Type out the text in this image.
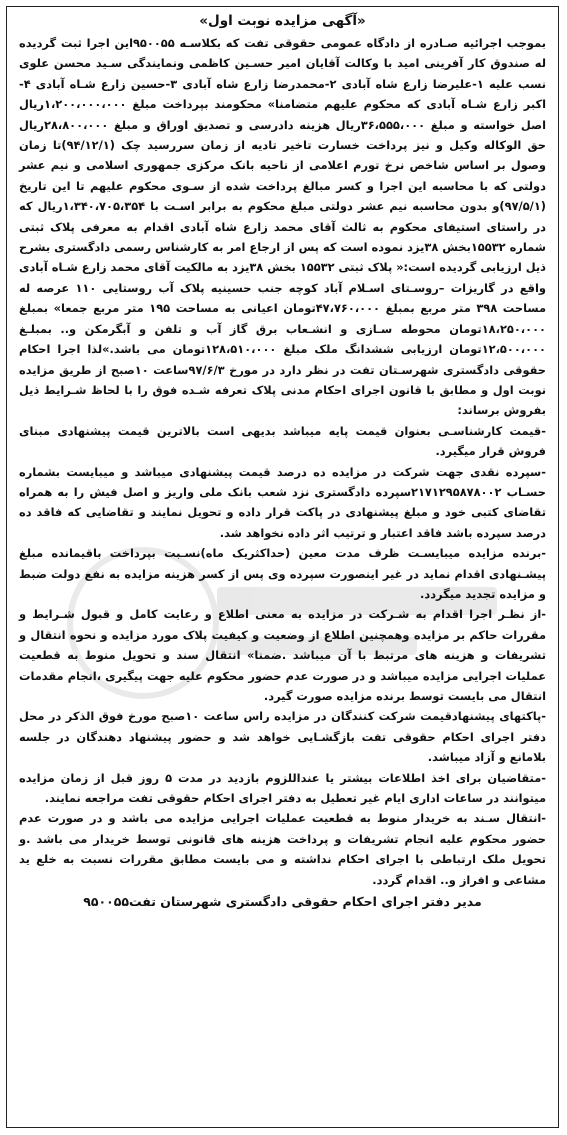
«آگهی مزایده نوبت اول»

بموجب اجرائیه صـادره از دادگاه عمومی حقوقی تفت که بکلاسـه ۹۵۰۰۵۵این اجرا ثبت گردیده له صندوق کار آفرینی امید با وکالت آقایان امیر حسـین کاظمی ونمایندگی سـید محسن علوی نسب علیه ۱-علیرضا زارع شاه آبادی ۲-محمدرضا زارع شاه آبادی ۳-حسین زارع شـاه آبادی ۴-اکبر زارع شـاه آبادی که محکوم علیهم متضامنا» محکومند بپرداخت مبلغ ۱،۲۰۰،۰۰۰،۰۰۰ریال اصل خواسته و مبلغ ۳۶،۵۵۵،۰۰۰ریال هزینه دادرسی و تصدیق اوراق و مبلغ ۲۸،۸۰۰،۰۰۰ریال حق الوکاله وکیل و نیز پرداخت خسارت تاخیر تادیه از زمان سررسید چک (۹۴/۱۲/۱)تا زمان وصول بر اساس شاخص نرخ تورم اعلامی از ناحیه بانک مرکزی جمهوری اسلامی و نیم عشر دولتی که با محاسبه این اجرا و کسر مبالغ پرداخت شده از سـوی محکوم علیهم تا این تاریخ (۹۷/۵/۱)و بدون محاسبه نیم عشر دولتی مبلغ محکوم به برابر اسـت با ۱،۳۴۰،۷۰۵،۳۵۴ریال که در راستای استیفای محکوم به ثالث آقای محمد زارع شاه آبادی اقدام به معرفی پلاک ثبتی شماره ۱۵۵۳۲بخش ۳۸یزد نموده است که پس از ارجاع امر به کارشناس رسمی دادگستری بشرح ذیل ارزیابی گردیده است:« پلاک ثبتی ۱۵۵۳۲ بخش ۳۸یزد به مالکیت آقای محمد زارع شـاه آبادی واقع در گاریزات –روسـتای اسـلام آباد کوچه جنب حسینیه پلاک آب روستایی ۱۱۰ عرصه له مساحت ۳۹۸ متر مربع بمبلغ ۴۷،۷۶۰،۰۰۰تومان اعیانی به مساحت ۱۹۵ متر مربع جمعا» بمبلغ ۱۸،۲۵۰،۰۰۰تومان محوطه سـازی و انشـعاب برق گاز آب و تلفن و آبگرمکن و.. بمبلـغ ۱۲،۵۰۰،۰۰۰تومان ارزیابی ششدانگ ملک مبلغ ۱۲۸،۵۱۰،۰۰۰تومان می باشد.»لذا اجرا احکام حقوقی دادگستری شهرسـتان تفت در نظر دارد در مورخ ۹۷/۶/۳ساعت ۱۰صبح از طریق مزایده نوبت اول و مطابق با قانون اجرای احکام مدنی پلاک تعرفه شـده فوق را با لحاظ شـرایط ذیل بفروش برساند:

-قیمت کارشناسـی بعنوان قیمت پایه میباشد بدیهی است بالاترین قیمت پیشنهادی مبنای فروش قرار میگیرد.

-سپرده نقدی جهت شرکت در مزایده ده درصد قیمت پیشنهادی میباشد و میبایست بشماره حسـاب ۲۱۷۱۲۹۵۸۷۸۰۰۲سپرده دادگستری نزد شعب بانک ملی واریز و اصل فیش را به همراه تقاضای کتبی خود و مبلغ پیشنهادی در پاکت قرار داده و تحویل نمایند و تقاضایی که فاقد ده درصد سپرده باشد فاقد اعتبار و ترتیب اثر داده نخواهد شد.

-برنده مزایده میبایسـت ظرف مدت معین (حداکثریک ماه)نسـبت بپرداخت باقیمانده مبلغ پیشـنهادی اقدام نماید در غیر اینصورت سپرده وی پس از کسر هزینه مزایده به نفع دولت ضبط و مزایده تجدید میگردد.

-از نظـر اجرا اقدام به شـرکت در مزایده به معنی اطلاع و رعایت کامل و قبول شـرایط و مقررات حاکم بر مزایده وهمچنین اطلاع از وضعیت و کیفیت پلاک مورد مزایده و نحوه انتقال و تشریفات و هزینه های مرتبط با آن میباشد .ضمنا» انتقال سند و تحویل منوط به قطعیت عملیات اجرایی مزایده میباشد و در صورت عدم حضور محکوم علیه جهت پیگیری ،انجام مقدمات انتقال می بایست توسط برنده مزایده صورت گیرد.

-پاکتهای پیشنهادقیمت شرکت کنندگان در مزایده راس ساعت ۱۰صبح مورخ فوق الذکر در محل دفتر اجرای احکام حقوقی تفت بازگشـایی خواهد شد و حضور پیشنهاد دهندگان در جلسه بلامانع و آزاد میباشد.

-متقاضیان برای اخذ اطلاعات بیشتر یا عنداللزوم بازدید در مدت ۵ روز قبل از زمان مزایده میتوانند در ساعات اداری ایام غیر تعطیل به دفتر اجرای احکام حقوقی تفت مراجعه نمایند.

-انتقال سـند به خریدار منوط به قطعیت عملیات اجرایی مزایده می باشد و در صورت عدم حضور محکوم علیه انجام تشریفات و پرداخت هزینه های قانونی توسط خریدار می باشد .و تحویل ملک ارتباطی با اجرای احکام نداشته و می بایست مطابق مقررات نسبت به خلع ید مشاعی و افراز و.. اقدام گردد.

مدیر دفتر اجرای احکام حقوقی دادگستری شهرستان تفت۹۵۰۰۵۵
